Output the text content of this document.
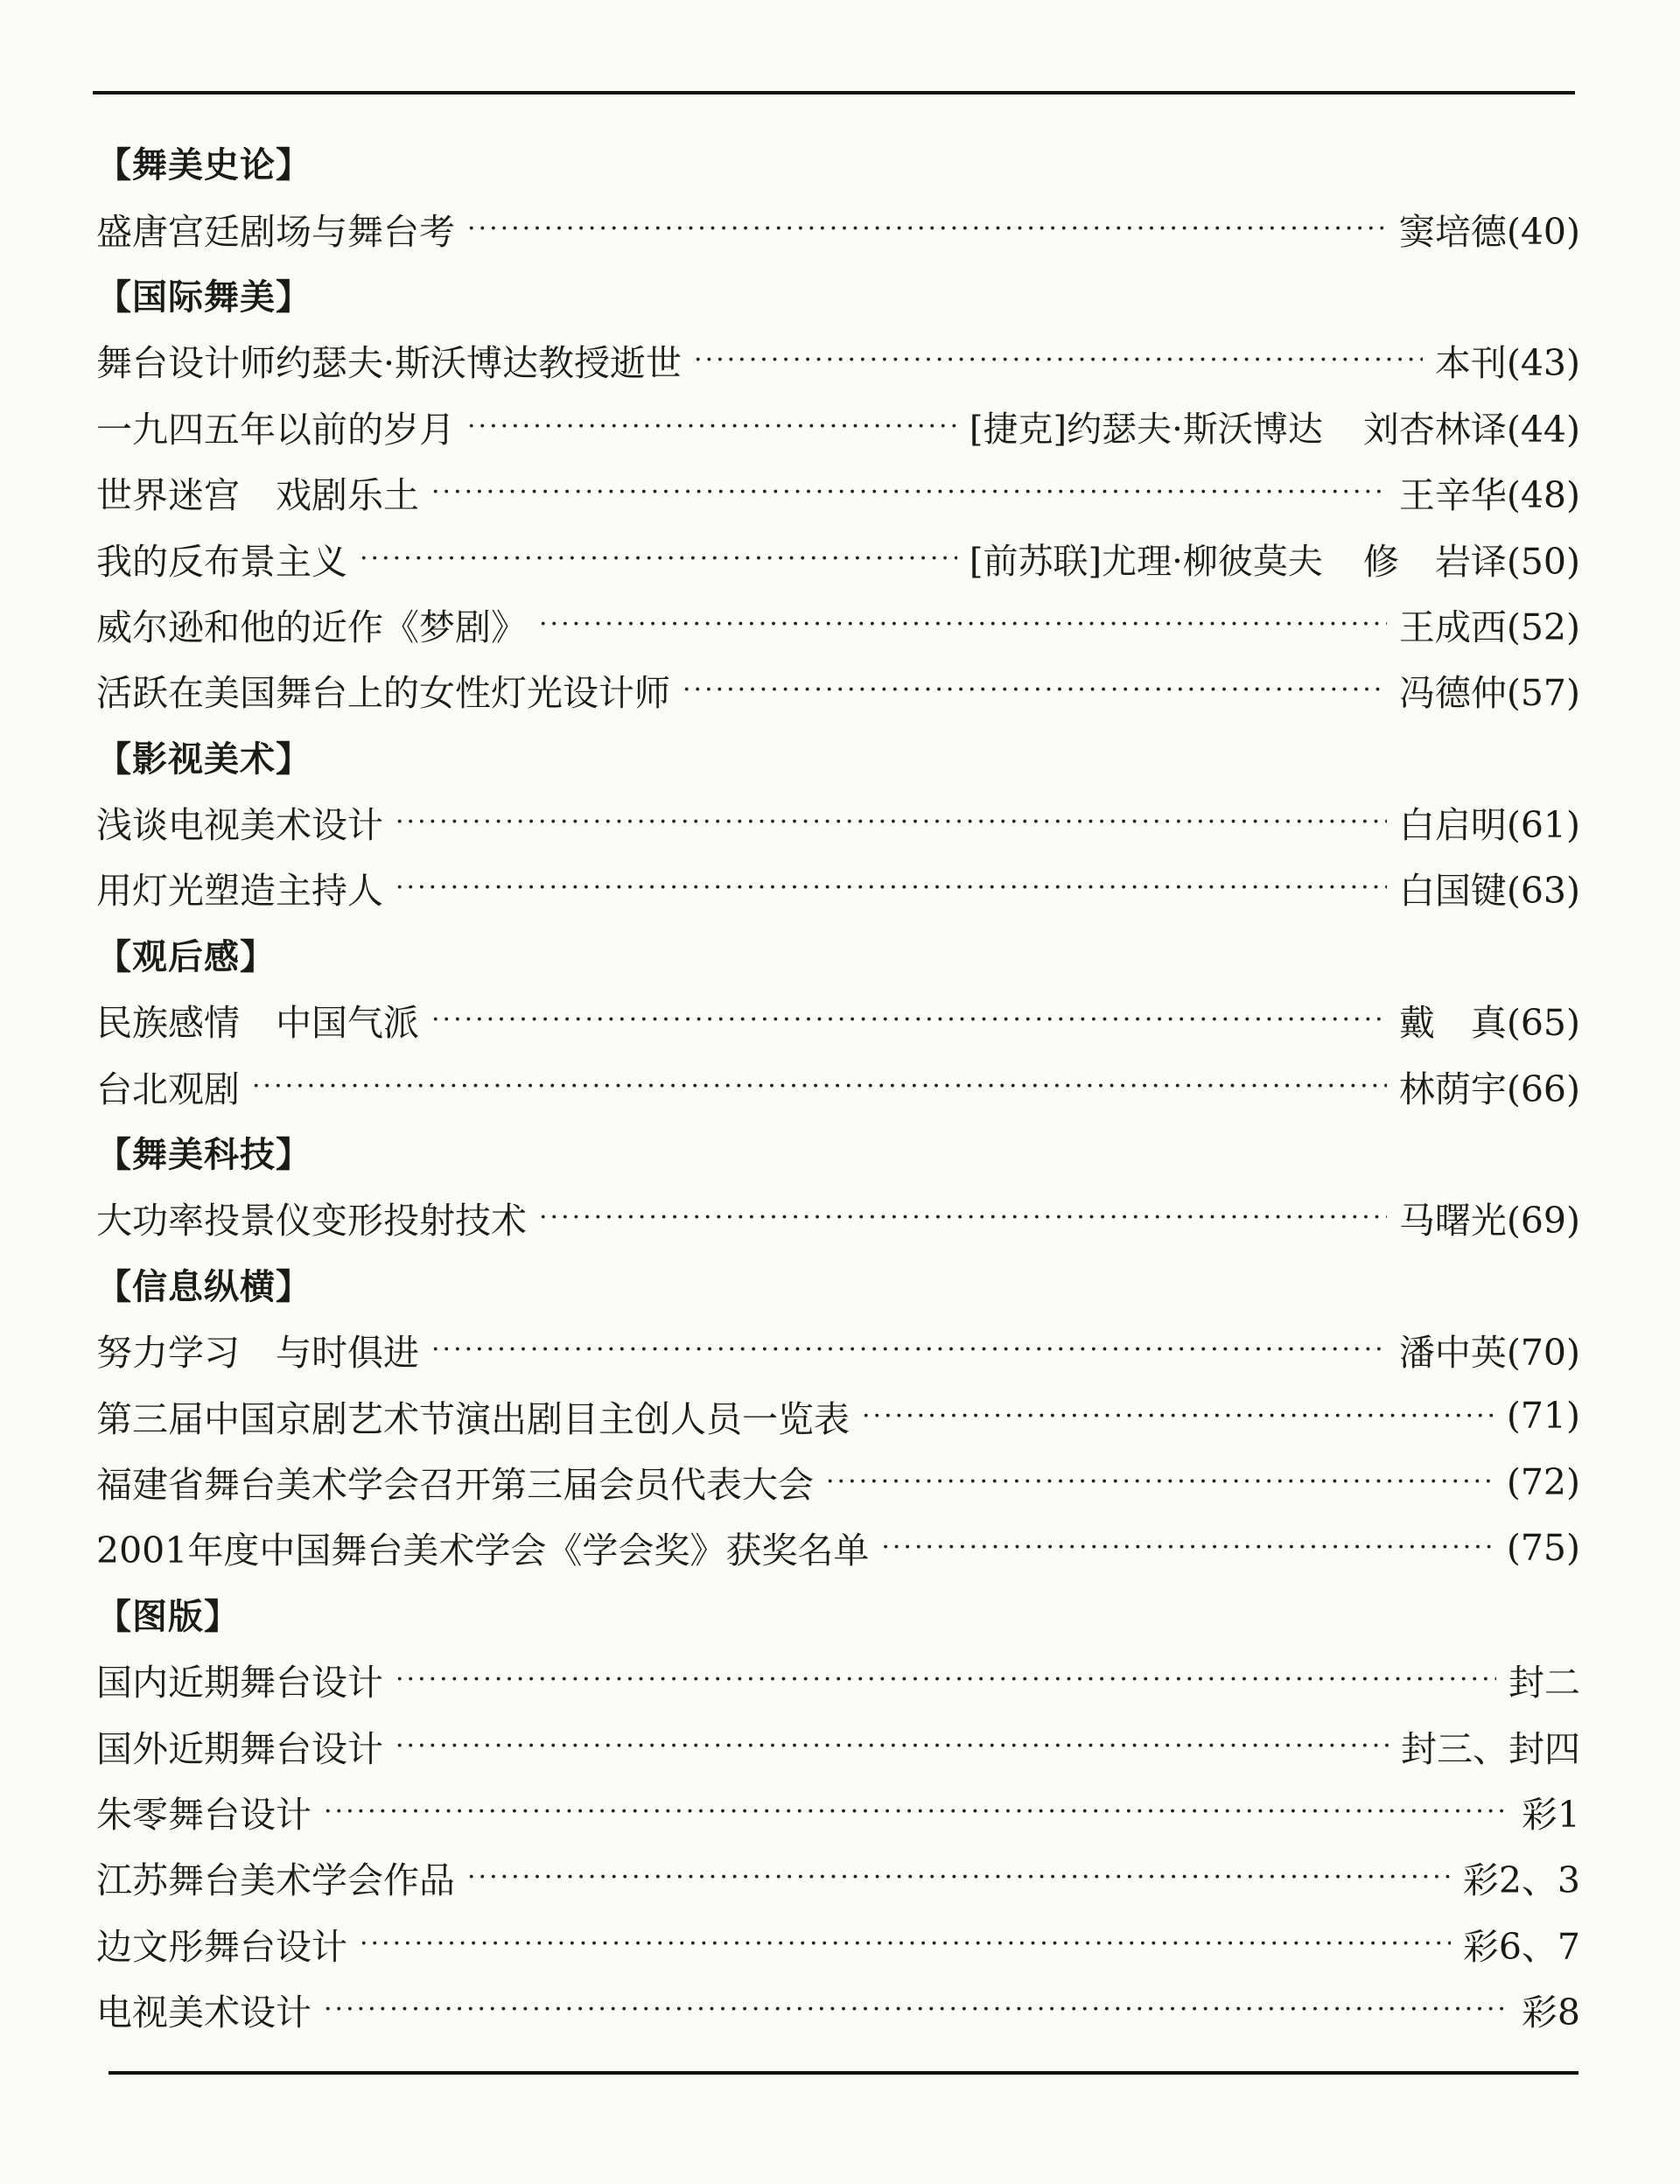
【舞美史论】
盛唐宫廷剧场与舞台考 ·····	窦培德(40)
【国际舞美】
舞台设计师约瑟夫·斯沃博达教授逝世 ·····	本刊(43)
一九四五年以前的岁月 ·····	[捷克]约瑟夫·斯沃博达 刘杏林译(44)
世界迷宫　戏剧乐土 ·····	王辛华(48)
我的反布景主义 ·····	[前苏联]尤理·柳彼莫夫 修　岩译(50)
威尔逊和他的近作《梦剧》 ·····	王成西(52)
活跃在美国舞台上的女性灯光设计师 ·····	冯德仲(57)
【影视美术】
浅谈电视美术设计 ·····	白启明(61)
用灯光塑造主持人 ·····	白国键(63)
【观后感】
民族感情　中国气派 ·····	戴　真(65)
台北观剧 ·····	林荫宇(66)
【舞美科技】
大功率投景仪变形投射技术 ·····	马曙光(69)
【信息纵横】
努力学习　与时俱进 ·····	潘中英(70)
第三届中国京剧艺术节演出剧目主创人员一览表 ·····	(71)
福建省舞台美术学会召开第三届会员代表大会 ·····	(72)
2001年度中国舞台美术学会《学会奖》获奖名单 ·····	(75)
【图版】
国内近期舞台设计 ·····	封二
国外近期舞台设计 ·····	封三、封四
朱零舞台设计 ·····	彩1
江苏舞台美术学会作品 ·····	彩2、3
边文彤舞台设计 ·····	彩6、7
电视美术设计 ·····	彩8
